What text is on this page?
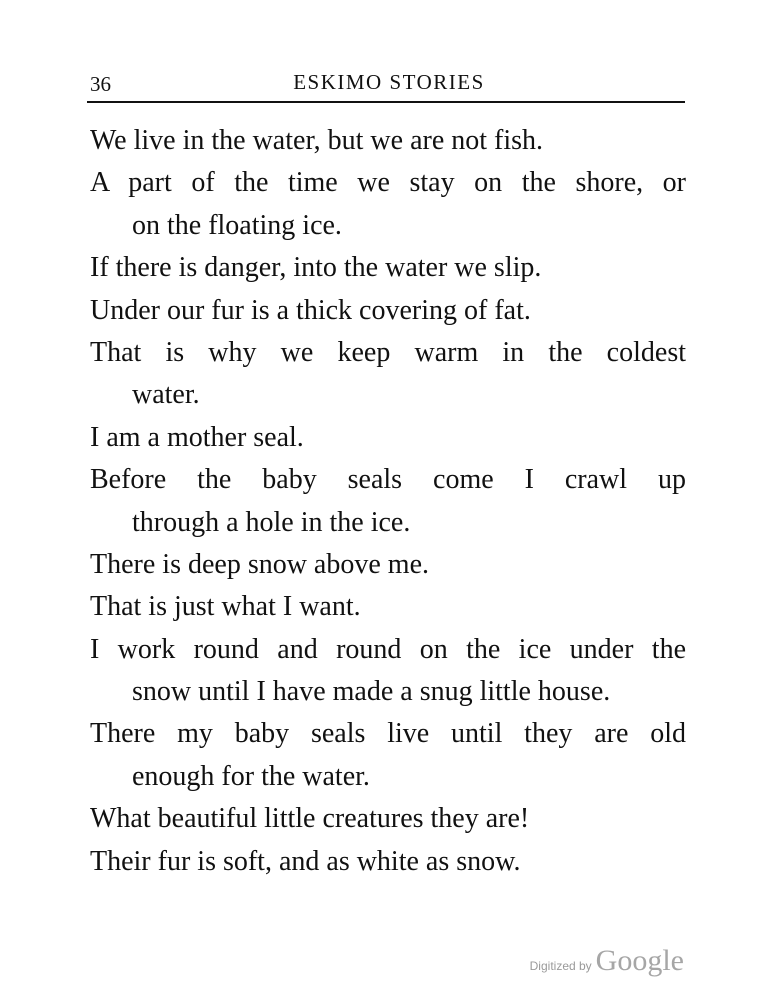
36	ESKIMO STORIES
We live in the water, but we are not fish.
A part of the time we stay on the shore, or
on the floating ice.
If there is danger, into the water we slip.
Under our fur is a thick covering of fat.
That is why we keep warm in the coldest
water.
I am a mother seal.
Before the baby seals come I crawl up
through a hole in the ice.
There is deep snow above me.
That is just what I want.
I work round and round on the ice under the
snow until I have made a snug little house.
There my baby seals live until they are old
enough for the water.
What beautiful little creatures they are!
Their fur is soft, and as white as snow.
Digitized by Google
